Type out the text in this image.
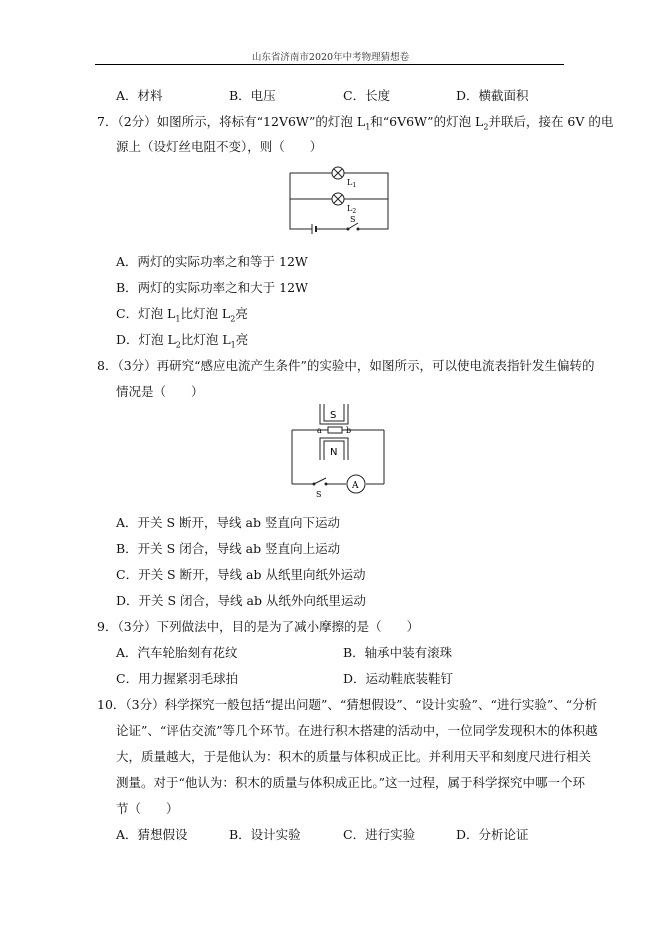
山东省济南市2020年中考物理猜想卷
A．材料	B．电压	C．长度	D．横截面积
7．（2分）如图所示，将标有“12V6W”的灯泡 $L_1$和“6V6W”的灯泡 $L_2$并联后，接在 6V 的电
源上（设灯丝电阻不变），则（　　）
$L_1$
$L_2$
S
A．两灯的实际功率之和等于 12W
B．两灯的实际功率之和大于 12W
C．灯泡 $L_1$比灯泡 $L_2$亮
D．灯泡 $L_2$比灯泡 $L_1$亮
8．（3分）再研究“感应电流产生条件”的实验中，如图所示，可以使电流表指针发生偏转的
情况是（　　）
S
N
a	b
S
A
A．开关 S 断开，导线 ab 竖直向下运动
B．开关 S 闭合，导线 ab 竖直向上运动
C．开关 S 断开，导线 ab 从纸里向纸外运动
D．开关 S 闭合，导线 ab 从纸外向纸里运动
9．（3分）下列做法中，目的是为了减小摩擦的是（　　）
A．汽车轮胎刻有花纹	B．轴承中装有滚珠
C．用力握紧羽毛球拍	D．运动鞋底装鞋钉
10．（3分）科学探究一般包括“提出问题”、“猜想假设”、“设计实验”、“进行实验”、“分析
论证”、“评估交流”等几个环节。在进行积木搭建的活动中，一位同学发现积木的体积越
大，质量越大，于是他认为：积木的质量与体积成正比。并利用天平和刻度尺进行相关
测量。对于“他认为：积木的质量与体积成正比。”这一过程，属于科学探究中哪一个环
节（　　）
A．猜想假设	B．设计实验	C．进行实验	D．分析论证
